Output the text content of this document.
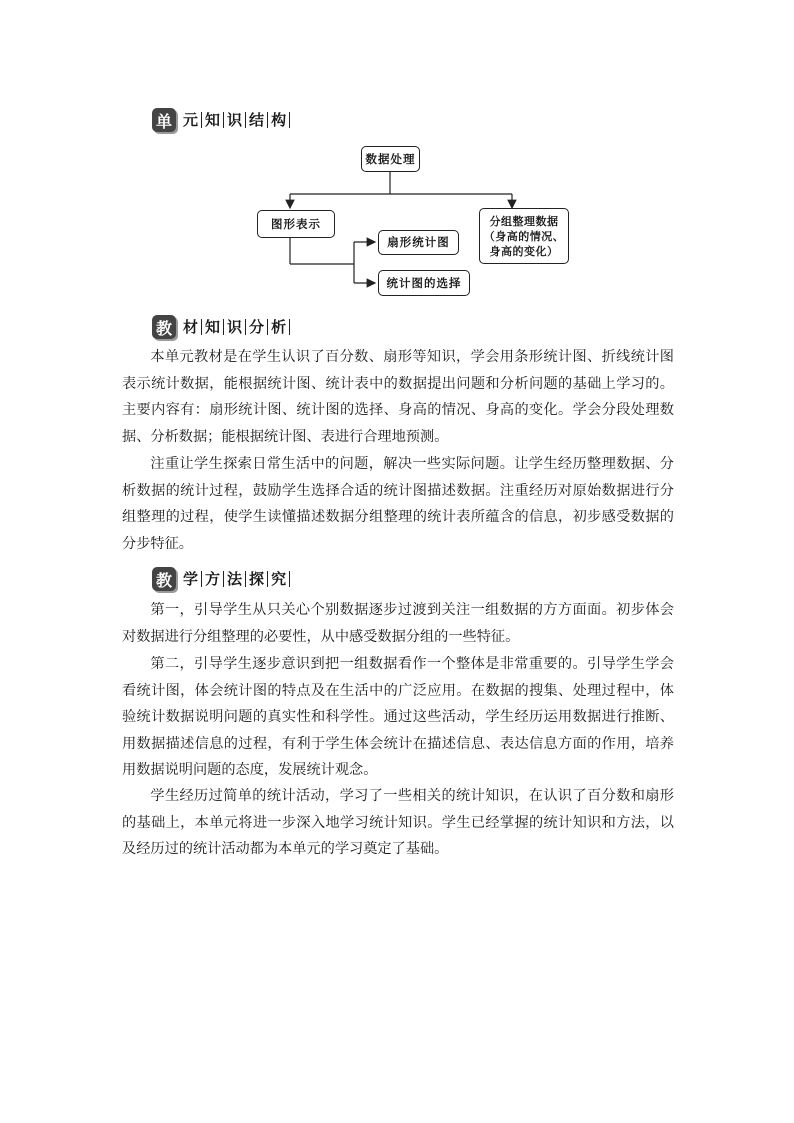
单 元 知 识 结 构
数据处理
图形表示	分组整理数据
（身高的情况、
身高的变化）
扇形统计图
统计图的选择
教 材 知 识 分 析

本单元教材是在学生认识了百分数、扇形等知识，学会用条形统计图、折线统计图表示统计数据，能根据统计图、统计表中的数据提出问题和分析问题的基础上学习的。主要内容有：扇形统计图、统计图的选择、身高的情况、身高的变化。学会分段处理数据、分析数据；能根据统计图、表进行合理地预测。

注重让学生探索日常生活中的问题，解决一些实际问题。让学生经历整理数据、分析数据的统计过程，鼓励学生选择合适的统计图描述数据。注重经历对原始数据进行分组整理的过程，使学生读懂描述数据分组整理的统计表所蕴含的信息，初步感受数据的分步特征。

教 学 方 法 探 究

第一，引导学生从只关心个别数据逐步过渡到关注一组数据的方方面面。初步体会对数据进行分组整理的必要性，从中感受数据分组的一些特征。

第二，引导学生逐步意识到把一组数据看作一个整体是非常重要的。引导学生学会看统计图，体会统计图的特点及在生活中的广泛应用。在数据的搜集、处理过程中，体验统计数据说明问题的真实性和科学性。通过这些活动，学生经历运用数据进行推断、用数据描述信息的过程，有利于学生体会统计在描述信息、表达信息方面的作用，培养用数据说明问题的态度，发展统计观念。

学生经历过简单的统计活动，学习了一些相关的统计知识，在认识了百分数和扇形的基础上，本单元将进一步深入地学习统计知识。学生已经掌握的统计知识和方法，以及经历过的统计活动都为本单元的学习奠定了基础。
